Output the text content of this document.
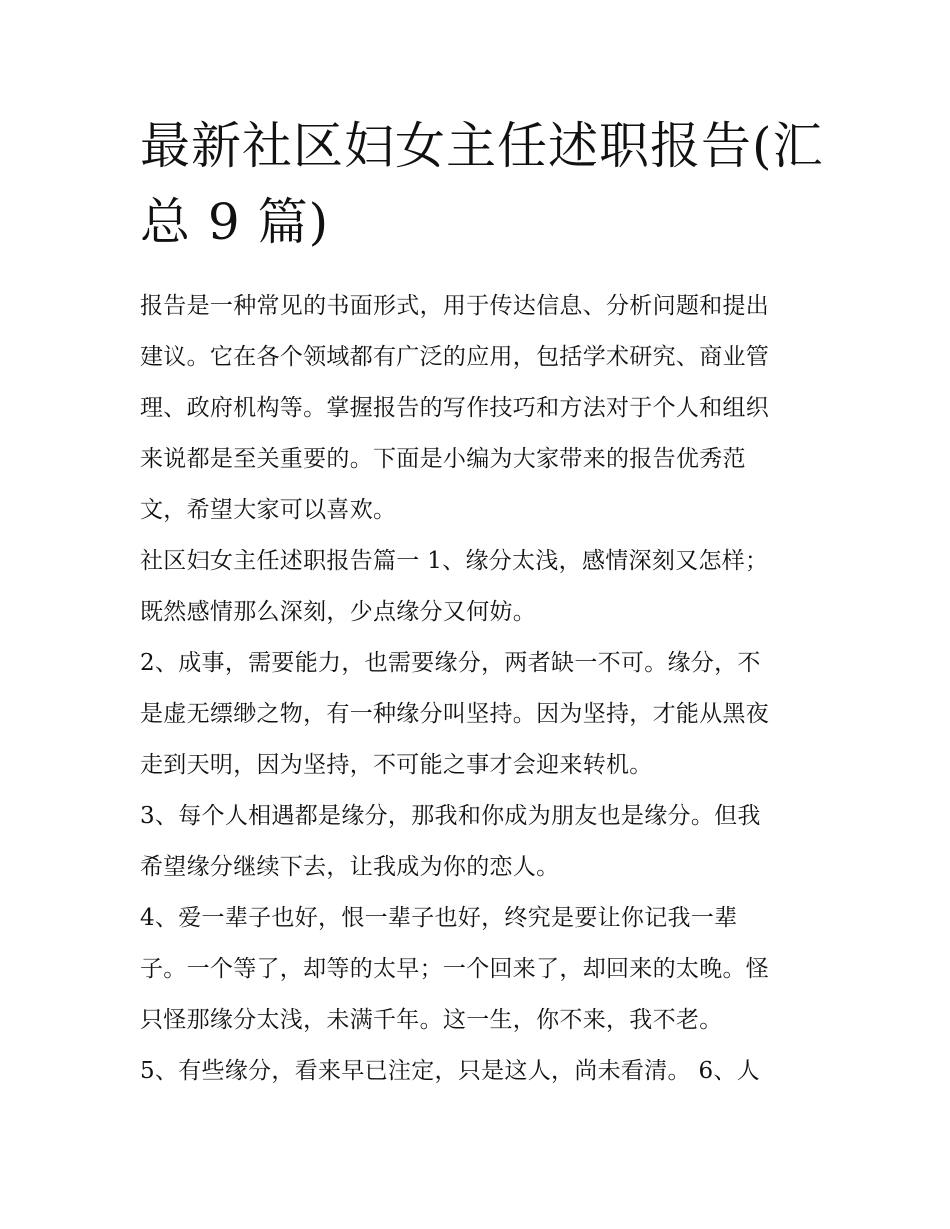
最新社区妇女主任述职报告(汇
总 9 篇)
报告是一种常见的书面形式，用于传达信息、分析问题和提出
建议。它在各个领域都有广泛的应用，包括学术研究、商业管
理、政府机构等。掌握报告的写作技巧和方法对于个人和组织
来说都是至关重要的。下面是小编为大家带来的报告优秀范
文，希望大家可以喜欢。
社区妇女主任述职报告篇一 1、缘分太浅，感情深刻又怎样；
既然感情那么深刻，少点缘分又何妨。
2、成事，需要能力，也需要缘分，两者缺一不可。缘分，不
是虚无缥缈之物，有一种缘分叫坚持。因为坚持，才能从黑夜
走到天明，因为坚持，不可能之事才会迎来转机。
3、每个人相遇都是缘分，那我和你成为朋友也是缘分。但我
希望缘分继续下去，让我成为你的恋人。
4、爱一辈子也好，恨一辈子也好，终究是要让你记我一辈
子。一个等了，却等的太早；一个回来了，却回来的太晚。怪
只怪那缘分太浅，未满千年。这一生，你不来，我不老。
5、有些缘分，看来早已注定，只是这人，尚未看清。 6、人
